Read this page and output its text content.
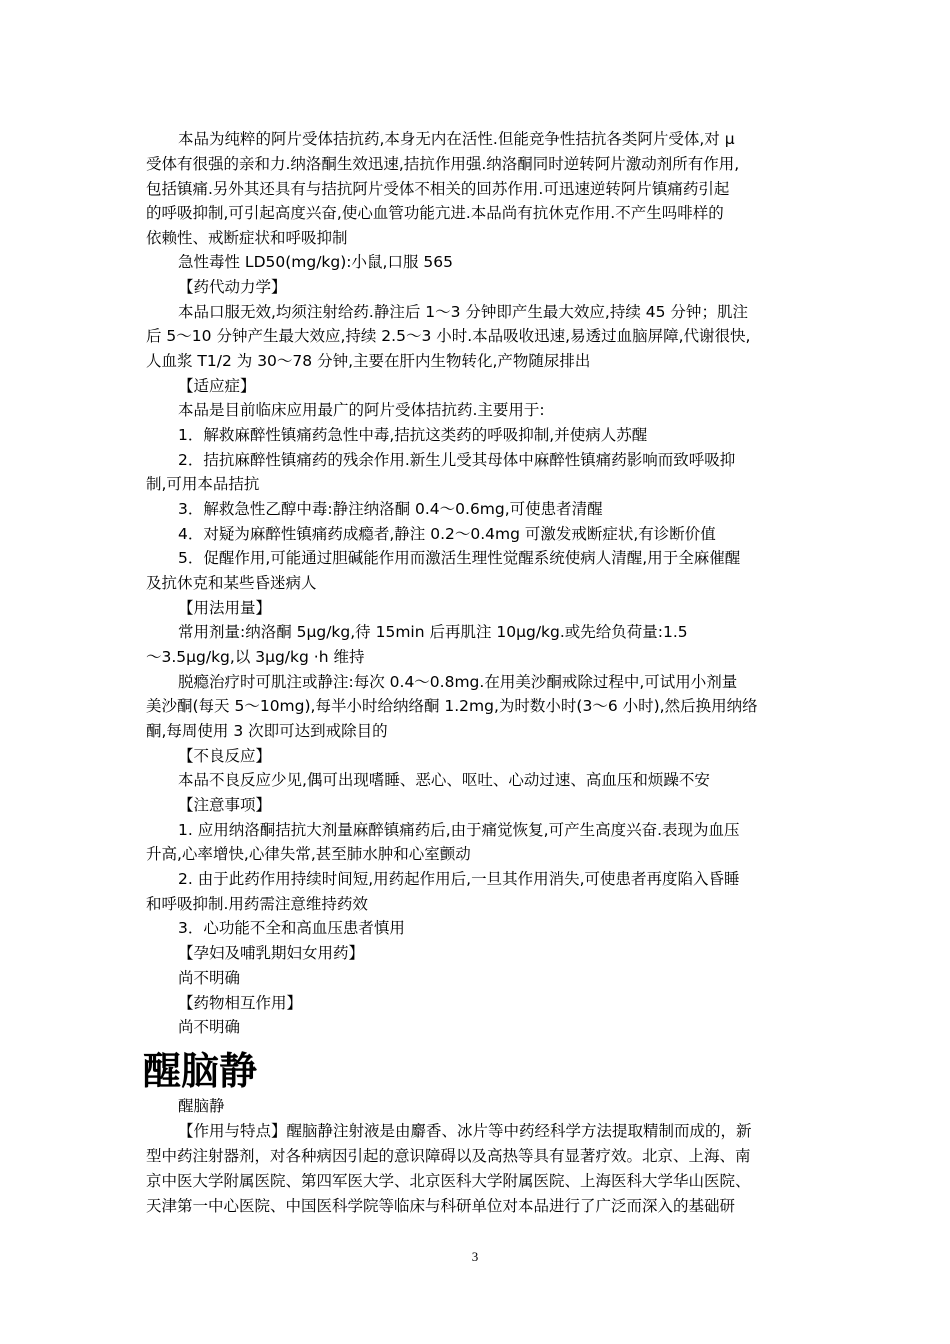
本品为纯粹的阿片受体拮抗药,本身无内在活性.但能竞争性拮抗各类阿片受体,对 μ
受体有很强的亲和力.纳洛酮生效迅速,拮抗作用强.纳洛酮同时逆转阿片激动剂所有作用,
包括镇痛.另外其还具有与拮抗阿片受体不相关的回苏作用.可迅速逆转阿片镇痛药引起
的呼吸抑制,可引起高度兴奋,使心血管功能亢进.本品尚有抗休克作用.不产生吗啡样的
依赖性、戒断症状和呼吸抑制
急性毒性 LD50(mg/kg):小鼠,口服 565
【药代动力学】
本品口服无效,均须注射给药.静注后 1～3 分钟即产生最大效应,持续 45 分钟；肌注
后 5～10 分钟产生最大效应,持续 2.5～3 小时.本品吸收迅速,易透过血脑屏障,代谢很快,
人血浆 T1/2 为 30～78 分钟,主要在肝内生物转化,产物随尿排出
【适应症】
本品是目前临床应用最广的阿片受体拮抗药.主要用于:
1．解救麻醉性镇痛药急性中毒,拮抗这类药的呼吸抑制,并使病人苏醒
2．拮抗麻醉性镇痛药的残余作用.新生儿受其母体中麻醉性镇痛药影响而致呼吸抑
制,可用本品拮抗
3．解救急性乙醇中毒:静注纳洛酮 0.4～0.6mg,可使患者清醒
4．对疑为麻醉性镇痛药成瘾者,静注 0.2～0.4mg 可激发戒断症状,有诊断价值
5．促醒作用,可能通过胆碱能作用而激活生理性觉醒系统使病人清醒,用于全麻催醒
及抗休克和某些昏迷病人
【用法用量】
常用剂量:纳洛酮 5μg/kg,待 15min 后再肌注 10μg/kg.或先给负荷量:1.5
～3.5μg/kg,以 3μg/kg ·h 维持
脱瘾治疗时可肌注或静注:每次 0.4～0.8mg.在用美沙酮戒除过程中,可试用小剂量
美沙酮(每天 5～10mg),每半小时给纳络酮 1.2mg,为时数小时(3～6 小时),然后换用纳络
酮,每周使用 3 次即可达到戒除目的
【不良反应】
本品不良反应少见,偶可出现嗜睡、恶心、呕吐、心动过速、高血压和烦躁不安
【注意事项】
1. 应用纳洛酮拮抗大剂量麻醉镇痛药后,由于痛觉恢复,可产生高度兴奋.表现为血压
升高,心率增快,心律失常,甚至肺水肿和心室颤动
2. 由于此药作用持续时间短,用药起作用后,一旦其作用消失,可使患者再度陷入昏睡
和呼吸抑制.用药需注意维持药效
3．心功能不全和高血压患者慎用
【孕妇及哺乳期妇女用药】
尚不明确
【药物相互作用】
尚不明确
醒脑静
醒脑静
【作用与特点】醒脑静注射液是由麝香、冰片等中药经科学方法提取精制而成的，新
型中药注射器剂，对各种病因引起的意识障碍以及高热等具有显著疗效。北京、上海、南
京中医大学附属医院、第四军医大学、北京医科大学附属医院、上海医科大学华山医院、
天津第一中心医院、中国医科学院等临床与科研单位对本品进行了广泛而深入的基础研
3
